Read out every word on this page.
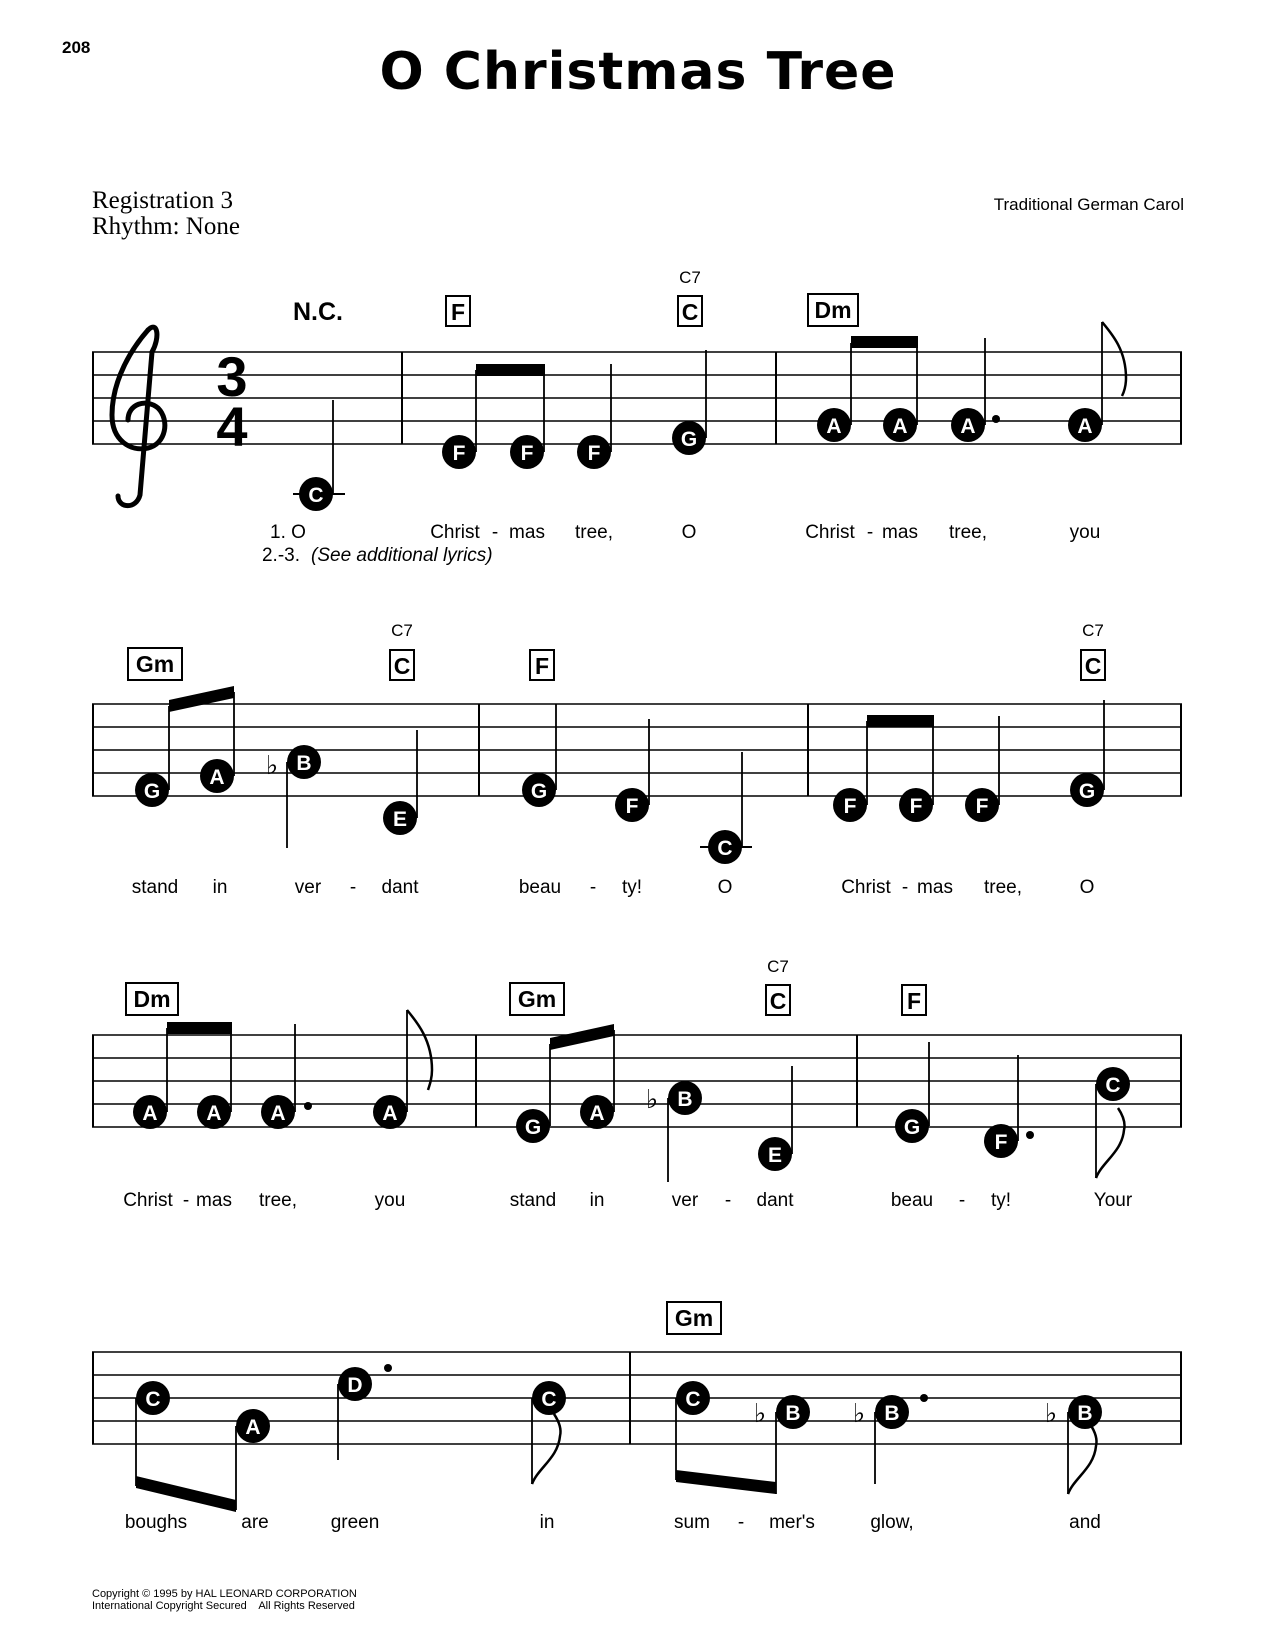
208	O Christmas Tree
Registration 3
Rhythm: None
Traditional German Carol
Copyright © 1995 by HAL LEONARD CORPORATION
International Copyright Secured    All Rights Reserved
3
4
N.C.	F
C7
C	Dm
C
F	F	F
G
A A	A	A
1. O	Christ - mas tree,	O	Christ - mas tree,	you
2.-3. (See additional lyrics)
Gm
C7
C	F
C7
C
G
A ♭ B
E
G
F
C
F	F	F
G
stand in	ver - dant	beau - ty!	O	Christ - mas tree,	O
Dm	Gm
C7
C	F
A A A	A
G
A ♭ B
E
G
F
C
Christ - mas tree,	you	stand in	ver - dant	beau - ty!	Your
Gm
C
A
D
C	C ♭ B ♭ B	♭ B
boughs	are	green	in	sum - mer's	glow,	and
